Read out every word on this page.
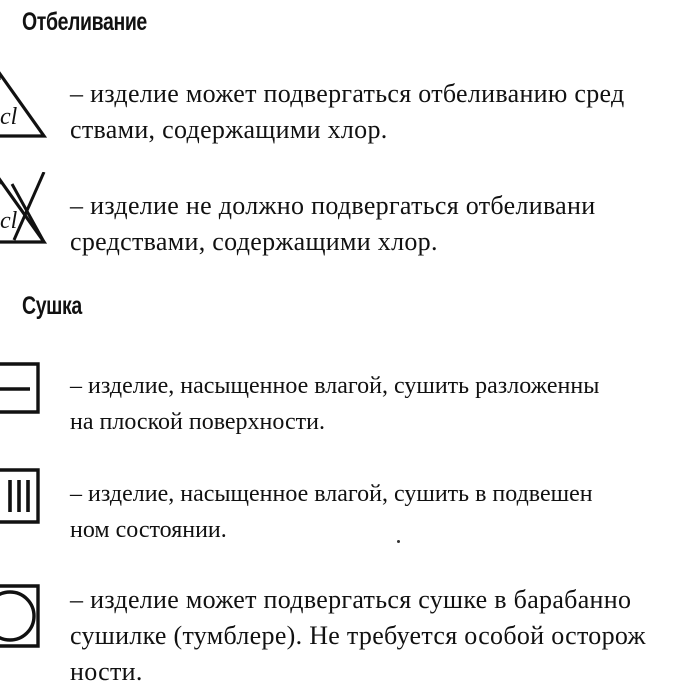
Отбеливание
cl

– изделие может подвергаться отбеливанию сред
ствами, содержащими хлор.

cl

– изделие не должно подвергаться отбеливани
средствами, содержащими хлор.

Сушка

– изделие, насыщенное влагой, сушить разложенны
на плоской поверхности.

– изделие, насыщенное влагой, сушить в подвешен
ном состоянии.

– изделие может подвергаться сушке в барабанно
сушилке (тумблере). Не требуется особой осторож
ности.
